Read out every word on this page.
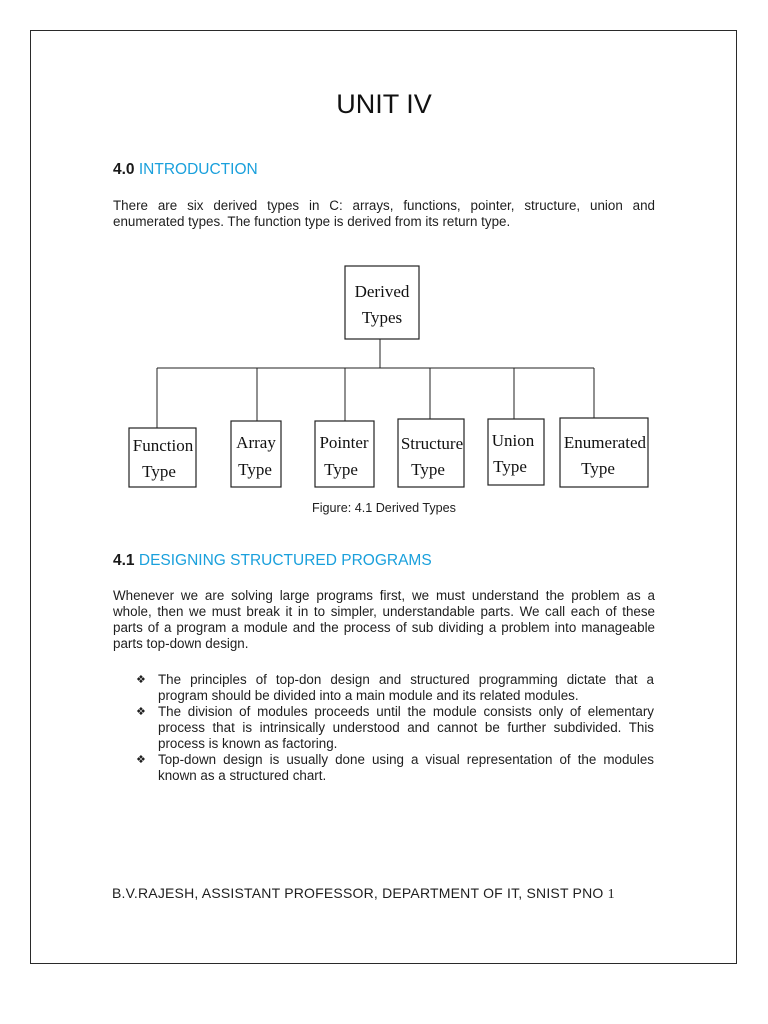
UNIT IV
4.0 INTRODUCTION
There are six derived types in C: arrays, functions, pointer, structure, union and enumerated types. The function type is derived from its return type.
Derived
Types
Function
Type
Array
Type
Pointer
Type
Structure
Type
Union
Type
Enumerated
Type
Figure: 4.1 Derived Types
4.1 DESIGNING STRUCTURED PROGRAMS
Whenever we are solving large programs first, we must understand the problem as a whole, then we must break it in to simpler, understandable parts. We call each of these parts of a program a module and the process of sub dividing a problem into manageable parts top-down design.
❖ The principles of top-don design and structured programming dictate that a program should be divided into a main module and its related modules.
❖ The division of modules proceeds until the module consists only of elementary process that is intrinsically understood and cannot be further subdivided. This process is known as factoring.
❖ Top-down design is usually done using a visual representation of the modules known as a structured chart.
B.V.RAJESH, ASSISTANT PROFESSOR, DEPARTMENT OF IT, SNIST PNO 1
